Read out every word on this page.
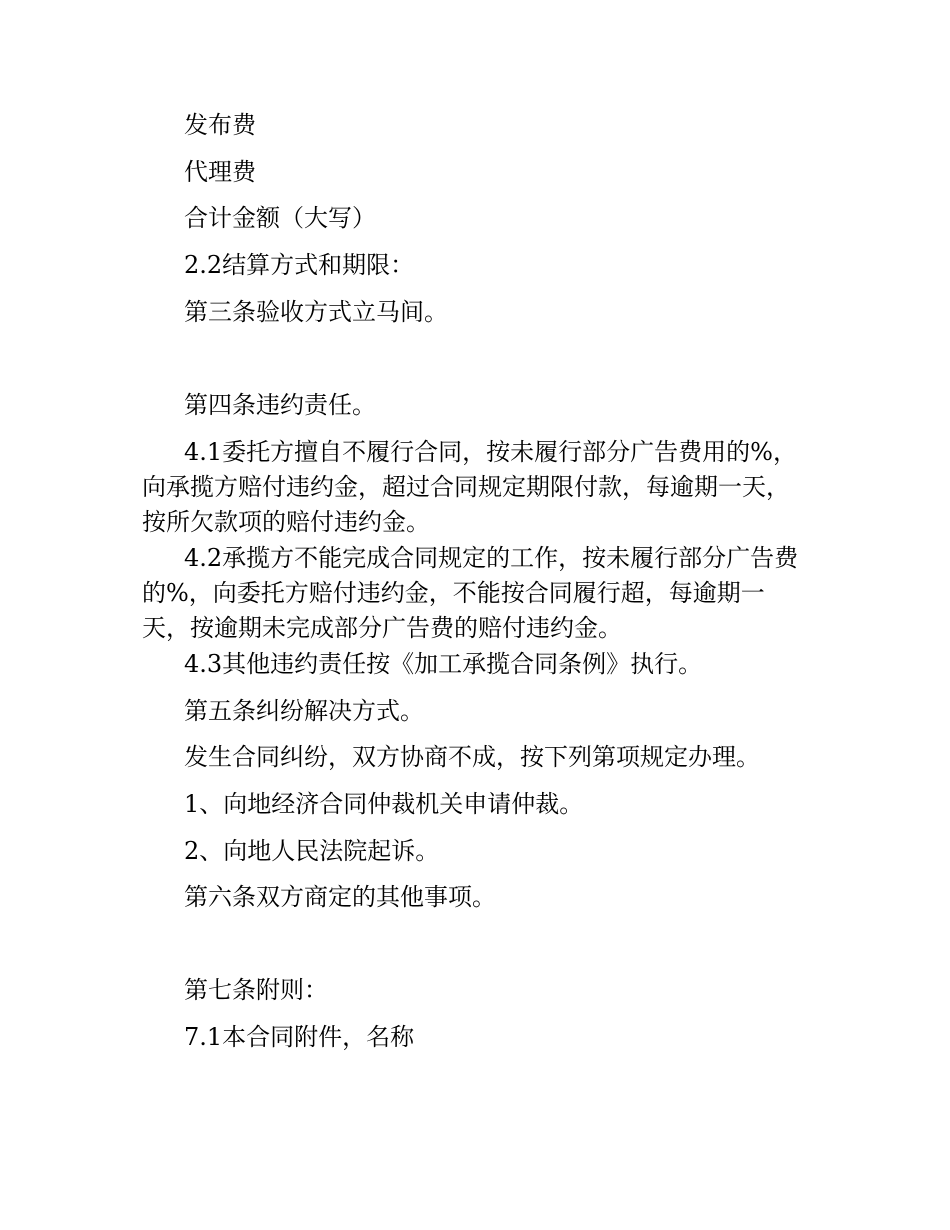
发布费

代理费

合计金额（大写）

2.2结算方式和期限：

第三条验收方式立马间。

第四条违约责任。

4.1委托方擅自不履行合同，按未履行部分广告费用的%，向承揽方赔付违约金，超过合同规定期限付款，每逾期一天，按所欠款项的赔付违约金。

4.2承揽方不能完成合同规定的工作，按未履行部分广告费的%，向委托方赔付违约金，不能按合同履行超，每逾期一天，按逾期未完成部分广告费的赔付违约金。

4.3其他违约责任按《加工承揽合同条例》执行。

第五条纠纷解决方式。

发生合同纠纷，双方协商不成，按下列第项规定办理。

1、向地经济合同仲裁机关申请仲裁。

2、向地人民法院起诉。

第六条双方商定的其他事项。

第七条附则：

7.1本合同附件，名称
